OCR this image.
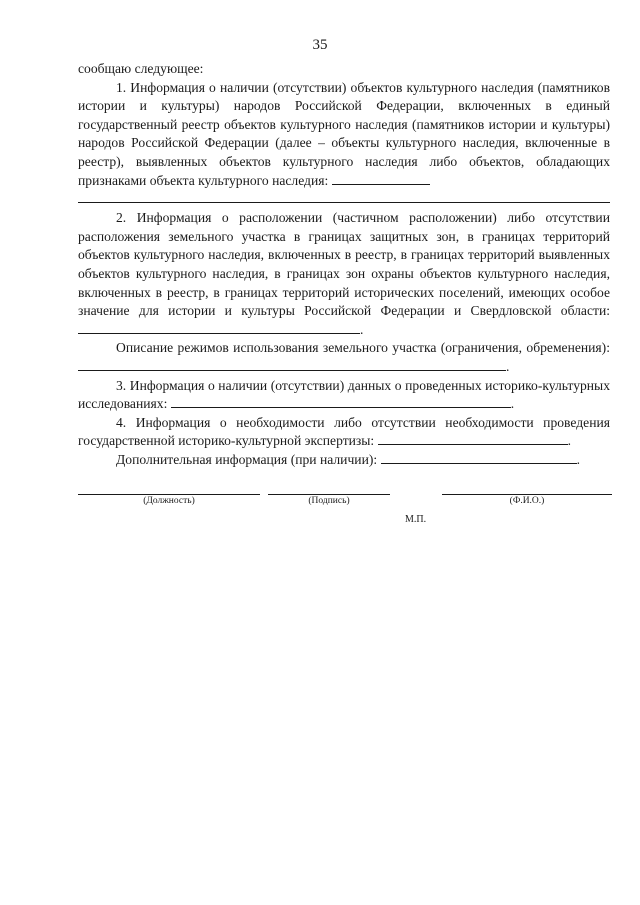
35

сообщаю следующее:

1. Информация о наличии (отсутствии) объектов культурного наследия (памятников истории и культуры) народов Российской Федерации, включенных в единый государственный реестр объектов культурного наследия (памятников истории и культуры) народов Российской Федерации (далее – объекты культурного наследия, включенные в реестр), выявленных объектов культурного наследия либо объектов, обладающих признаками объекта культурного наследия:

2. Информация о расположении (частичном расположении) либо отсутствии расположения земельного участка в границах защитных зон, в границах территорий объектов культурного наследия, включенных в реестр, в границах территорий выявленных объектов культурного наследия, в границах зон охраны объектов культурного наследия, включенных в реестр, в границах территорий исторических поселений, имеющих особое значение для истории и культуры Российской Федерации и Свердловской области: .

Описание режимов использования земельного участка (ограничения, обременения): .

3. Информация о наличии (отсутствии) данных о проведенных историко-культурных исследованиях:	.

4. Информация о необходимости либо отсутствии необходимости проведения государственной историко-культурной экспертизы:	.

Дополнительная информация (при наличии):	.

(Должность)	(Подпись)	(Ф.И.О.)
М.П.
